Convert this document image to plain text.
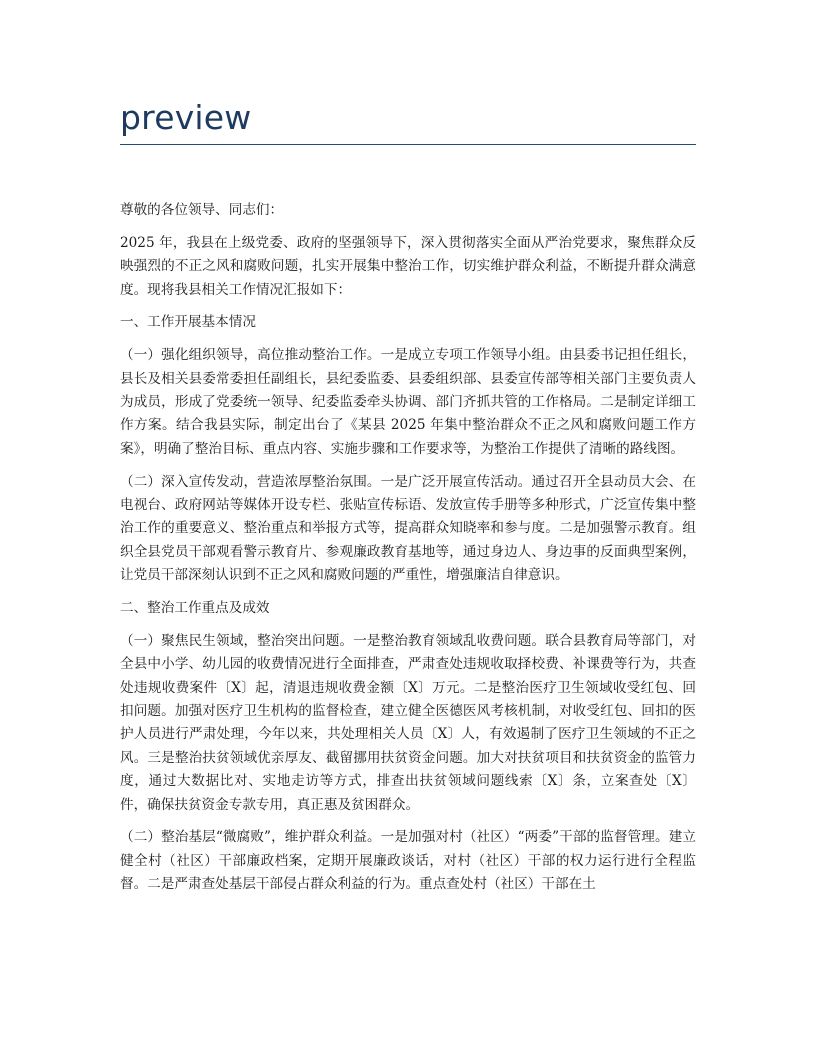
preview

尊敬的各位领导、同志们：

2025 年，我县在上级党委、政府的坚强领导下，深入贯彻落实全面从严治党要求，聚焦群众反映强烈的不正之风和腐败问题，扎实开展集中整治工作，切实维护群众利益，不断提升群众满意度。现将我县相关工作情况汇报如下：

一、工作开展基本情况

（一）强化组织领导，高位推动整治工作。一是成立专项工作领导小组。由县委书记担任组长，县长及相关县委常委担任副组长，县纪委监委、县委组织部、县委宣传部等相关部门主要负责人为成员，形成了党委统一领导、纪委监委牵头协调、部门齐抓共管的工作格局。二是制定详细工作方案。结合我县实际，制定出台了《某县 2025 年集中整治群众不正之风和腐败问题工作方案》，明确了整治目标、重点内容、实施步骤和工作要求等，为整治工作提供了清晰的路线图。

（二）深入宣传发动，营造浓厚整治氛围。一是广泛开展宣传活动。通过召开全县动员大会、在电视台、政府网站等媒体开设专栏、张贴宣传标语、发放宣传手册等多种形式，广泛宣传集中整治工作的重要意义、整治重点和举报方式等，提高群众知晓率和参与度。二是加强警示教育。组织全县党员干部观看警示教育片、参观廉政教育基地等，通过身边人、身边事的反面典型案例，让党员干部深刻认识到不正之风和腐败问题的严重性，增强廉洁自律意识。

二、整治工作重点及成效

（一）聚焦民生领域，整治突出问题。一是整治教育领域乱收费问题。联合县教育局等部门，对全县中小学、幼儿园的收费情况进行全面排查，严肃查处违规收取择校费、补课费等行为，共查处违规收费案件〔X〕起，清退违规收费金额〔X〕万元。二是整治医疗卫生领域收受红包、回扣问题。加强对医疗卫生机构的监督检查，建立健全医德医风考核机制，对收受红包、回扣的医护人员进行严肃处理，今年以来，共处理相关人员〔X〕人，有效遏制了医疗卫生领域的不正之风。三是整治扶贫领域优亲厚友、截留挪用扶贫资金问题。加大对扶贫项目和扶贫资金的监管力度，通过大数据比对、实地走访等方式，排查出扶贫领域问题线索〔X〕条，立案查处〔X〕件，确保扶贫资金专款专用，真正惠及贫困群众。

（二）整治基层“微腐败”，维护群众利益。一是加强对村（社区）“两委”干部的监督管理。建立健全村（社区）干部廉政档案，定期开展廉政谈话，对村（社区）干部的权力运行进行全程监督。二是严肃查处基层干部侵占群众利益的行为。重点查处村（社区）干部在土
